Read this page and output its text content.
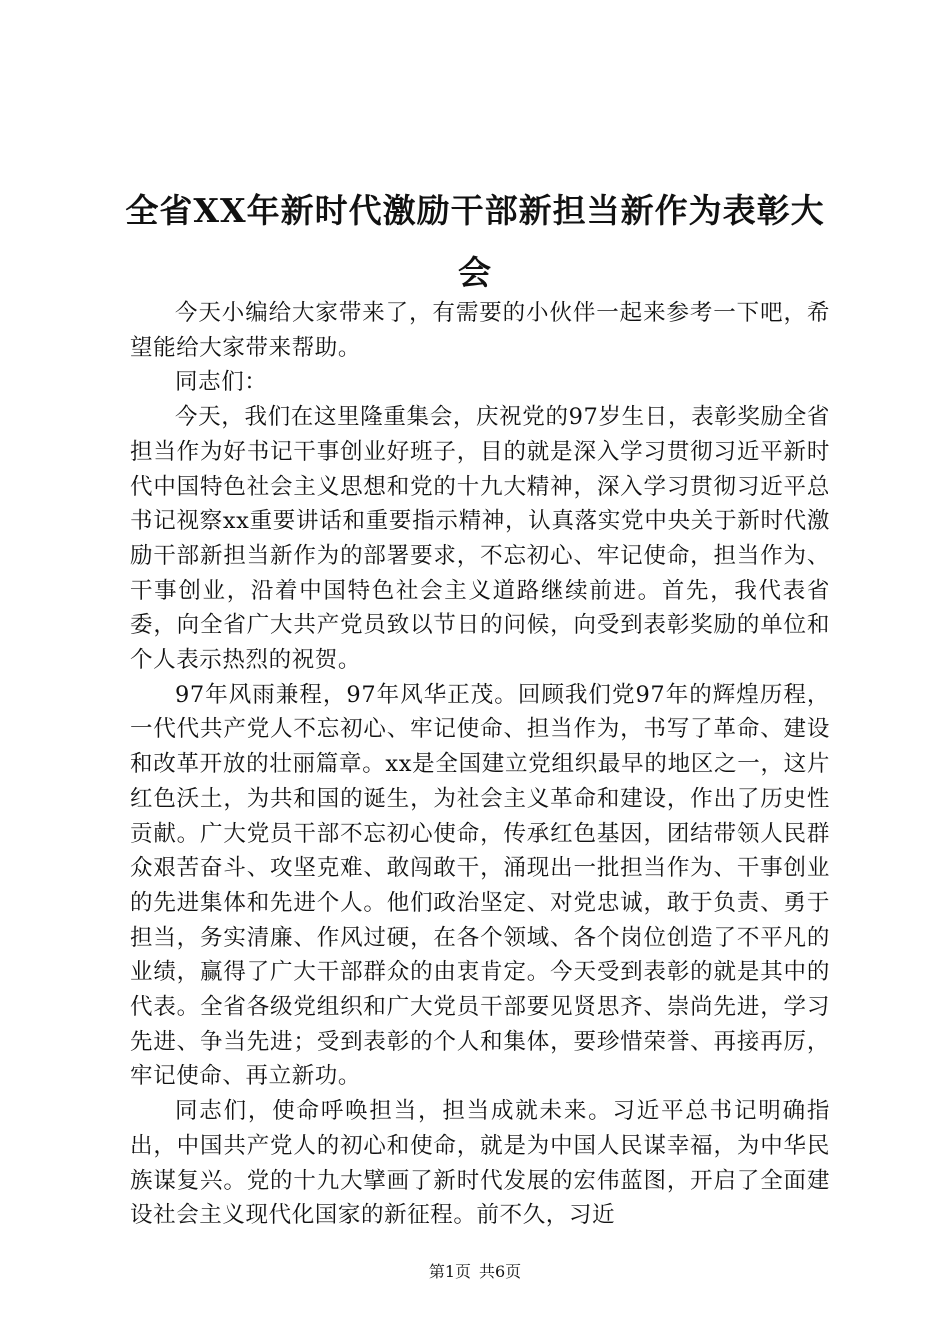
全省XX年新时代激励干部新担当新作为表彰大会

今天小编给大家带来了，有需要的小伙伴一起来参考一下吧，希望能给大家带来帮助。

同志们：

今天，我们在这里隆重集会，庆祝党的97岁生日，表彰奖励全省担当作为好书记干事创业好班子，目的就是深入学习贯彻习近平新时代中国特色社会主义思想和党的十九大精神，深入学习贯彻习近平总书记视察xx重要讲话和重要指示精神，认真落实党中央关于新时代激励干部新担当新作为的部署要求，不忘初心、牢记使命，担当作为、干事创业，沿着中国特色社会主义道路继续前进。首先，我代表省委，向全省广大共产党员致以节日的问候，向受到表彰奖励的单位和个人表示热烈的祝贺。

97年风雨兼程，97年风华正茂。回顾我们党97年的辉煌历程，一代代共产党人不忘初心、牢记使命、担当作为，书写了革命、建设和改革开放的壮丽篇章。xx是全国建立党组织最早的地区之一，这片红色沃土，为共和国的诞生，为社会主义革命和建设，作出了历史性贡献。广大党员干部不忘初心使命，传承红色基因，团结带领人民群众艰苦奋斗、攻坚克难、敢闯敢干，涌现出一批担当作为、干事创业的先进集体和先进个人。他们政治坚定、对党忠诚，敢于负责、勇于担当，务实清廉、作风过硬，在各个领域、各个岗位创造了不平凡的业绩，赢得了广大干部群众的由衷肯定。今天受到表彰的就是其中的代表。全省各级党组织和广大党员干部要见贤思齐、崇尚先进，学习先进、争当先进；受到表彰的个人和集体，要珍惜荣誉、再接再厉，牢记使命、再立新功。

同志们，使命呼唤担当，担当成就未来。习近平总书记明确指出，中国共产党人的初心和使命，就是为中国人民谋幸福，为中华民族谋复兴。党的十九大擘画了新时代发展的宏伟蓝图，开启了全面建设社会主义现代化国家的新征程。前不久，习近

第1页 共6页
